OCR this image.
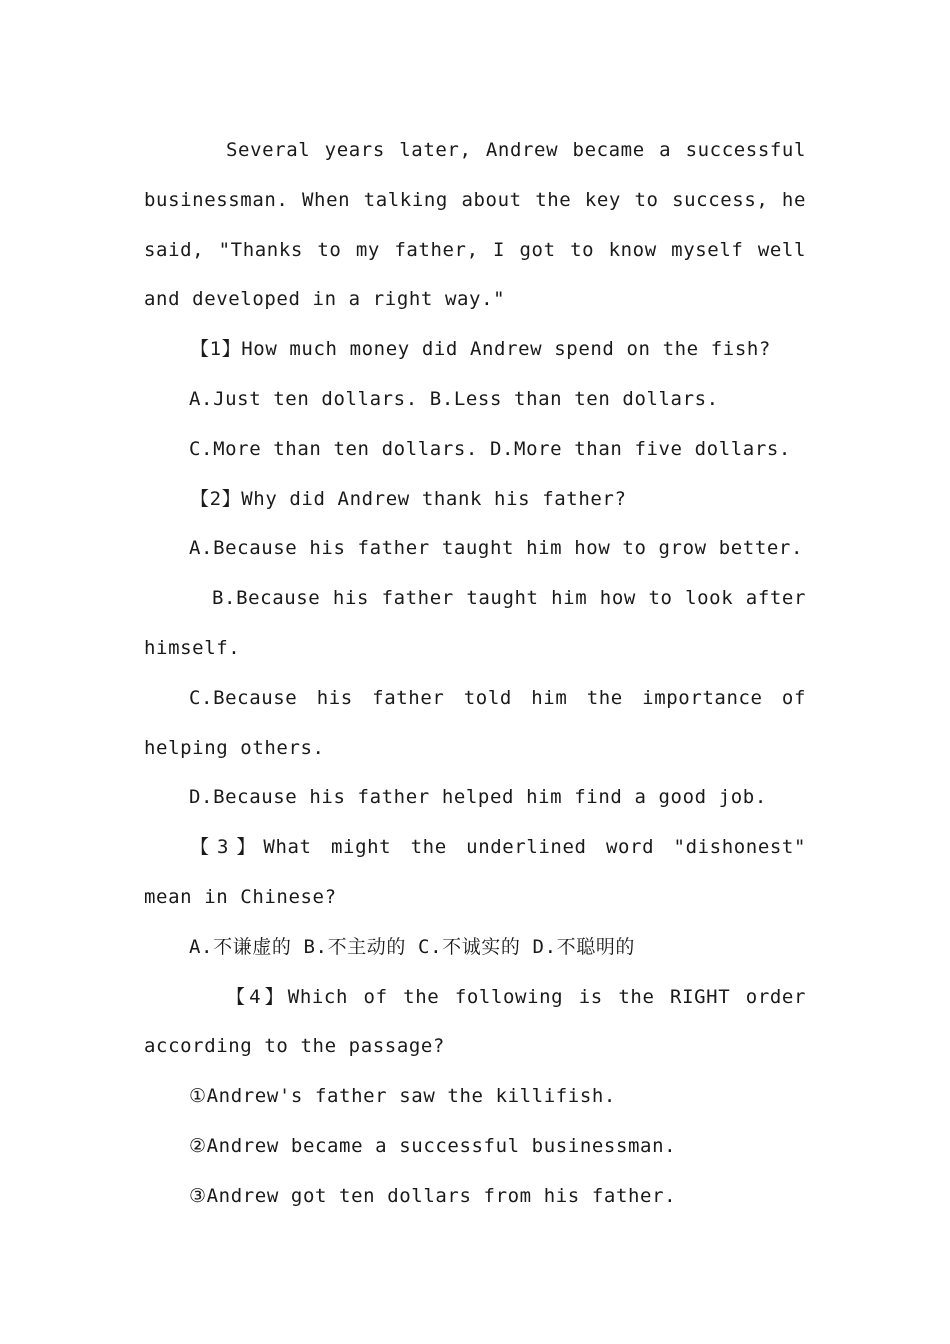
Several years later, Andrew became a successful businessman. When talking about the key to success, he said, "Thanks to my father, I got to know myself well and developed in a right way."

【1】How much money did Andrew spend on the fish?

A.Just ten dollars. B.Less than ten dollars.

C.More than ten dollars. D.More than five dollars.

【2】Why did Andrew thank his father?

A.Because his father taught him how to grow better.

B.Because his father taught him how to look after himself.

C.Because his father told him the importance of helping others.

D.Because his father helped him find a good job.

【3】What might the underlined word "dishonest" mean in Chinese?

A.不谦虚的 B.不主动的 C.不诚实的 D.不聪明的

【4】Which of the following is the RIGHT order according to the passage?

①Andrew's father saw the killifish.

②Andrew became a successful businessman.

③Andrew got ten dollars from his father.
